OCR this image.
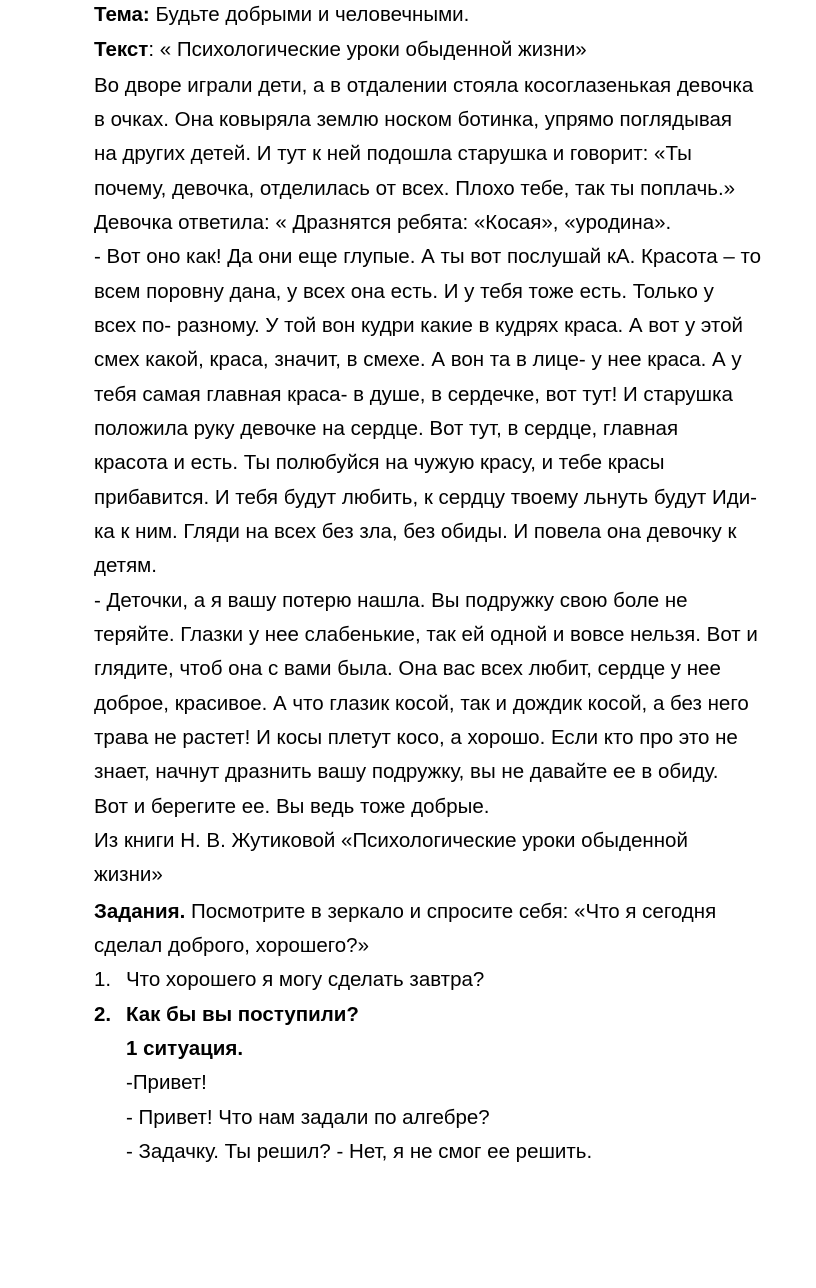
Тема: Будьте добрыми и человечными.
Текст: « Психологические уроки обыденной жизни»
Во дворе играли дети, а в отдалении стояла косоглазенькая девочка
в очках. Она ковыряла землю носком ботинка, упрямо поглядывая
на других детей. И тут к ней подошла старушка и говорит: «Ты
почему, девочка, отделилась от всех. Плохо тебе, так ты поплачь.»
Девочка ответила: « Дразнятся ребята: «Косая», «уродина».
- Вот оно как! Да они еще глупые. А ты вот послушай кА. Красота – то
всем поровну дана, у всех она есть. И у тебя тоже есть. Только у
всех по- разному. У той вон кудри какие в кудрях краса. А вот у этой
смех какой, краса, значит, в смехе. А вон та в лице- у нее краса. А у
тебя самая главная краса- в душе, в сердечке, вот тут! И старушка
положила руку девочке на сердце. Вот тут, в сердце, главная
красота и есть. Ты полюбуйся на чужую красу, и тебе красы
прибавится. И тебя будут любить, к сердцу твоему льнуть будут Иди-
ка к ним. Гляди на всех без зла, без обиды. И повела она девочку к
детям.
- Деточки, а я вашу потерю нашла. Вы подружку свою боле не
теряйте. Глазки у нее слабенькие, так ей одной и вовсе нельзя. Вот и
глядите, чтоб она с вами была. Она вас всех любит, сердце у нее
доброе, красивое. А что глазик косой, так и дождик косой, а без него
трава не растет! И косы плетут косо, а хорошо. Если кто про это не
знает, начнут дразнить вашу подружку, вы не давайте ее в обиду.
Вот и берегите ее. Вы ведь тоже добрые.
Из книги Н. В. Жутиковой «Психологические уроки обыденной
жизни»
Задания. Посмотрите в зеркало и спросите себя: «Что я сегодня
сделал доброго, хорошего?»
1. Что хорошего я могу сделать завтра?
2. Как бы вы поступили?
1 ситуация.
-Привет!
- Привет! Что нам задали по алгебре?
- Задачку. Ты решил? - Нет, я не смог ее решить.
